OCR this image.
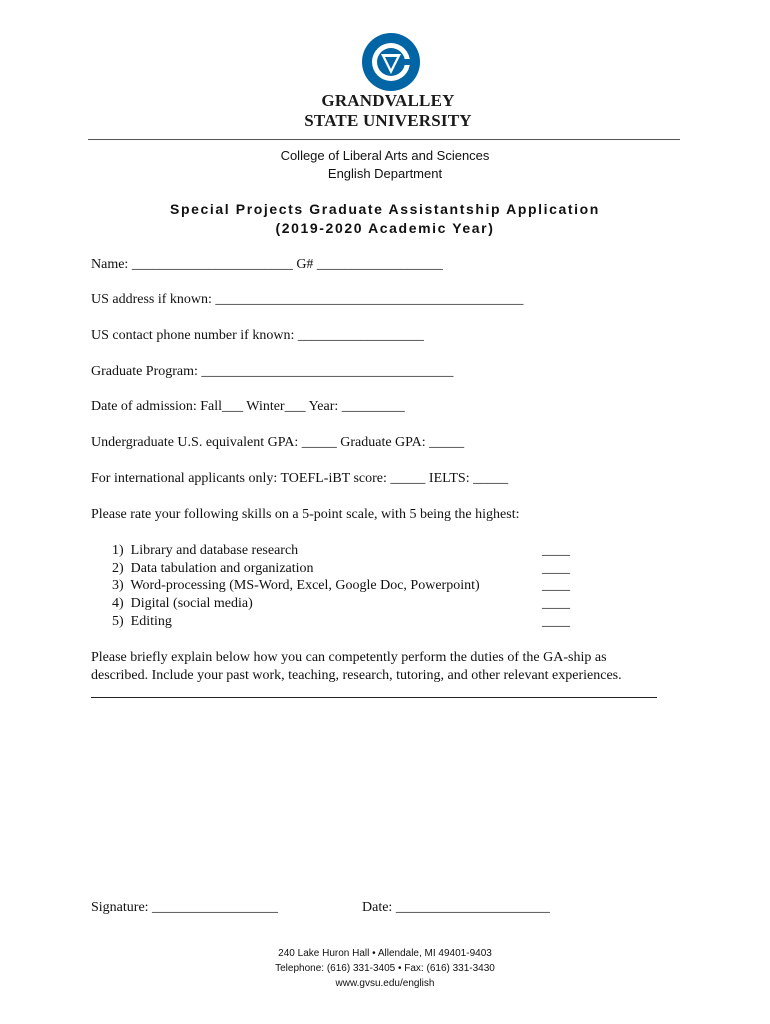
GRANDVALLEY
STATE UNIVERSITY
College of Liberal Arts and Sciences
English Department
Special Projects Graduate Assistantship Application
(2019-2020 Academic Year)
Name: _______________________ G# __________________
US address if known: ____________________________________________
US contact phone number if known: __________________
Graduate Program: ____________________________________
Date of admission: Fall___ Winter___ Year: _________
Undergraduate U.S. equivalent GPA: _____ Graduate GPA: _____
For international applicants only: TOEFL-iBT score: _____ IELTS: _____
Please rate your following skills on a 5-point scale, with 5 being the highest:
1) Library and database research	____
2) Data tabulation and organization	____
3) Word-processing (MS-Word, Excel, Google Doc, Powerpoint)	____
4) Digital (social media)	____
5) Editing	____
Please briefly explain below how you can competently perform the duties of the GA-ship as
described. Include your past work, teaching, research, tutoring, and other relevant experiences.
Signature: __________________	Date: ______________________
240 Lake Huron Hall • Allendale, MI 49401-9403
Telephone: (616) 331-3405 • Fax: (616) 331-3430
www.gvsu.edu/english
